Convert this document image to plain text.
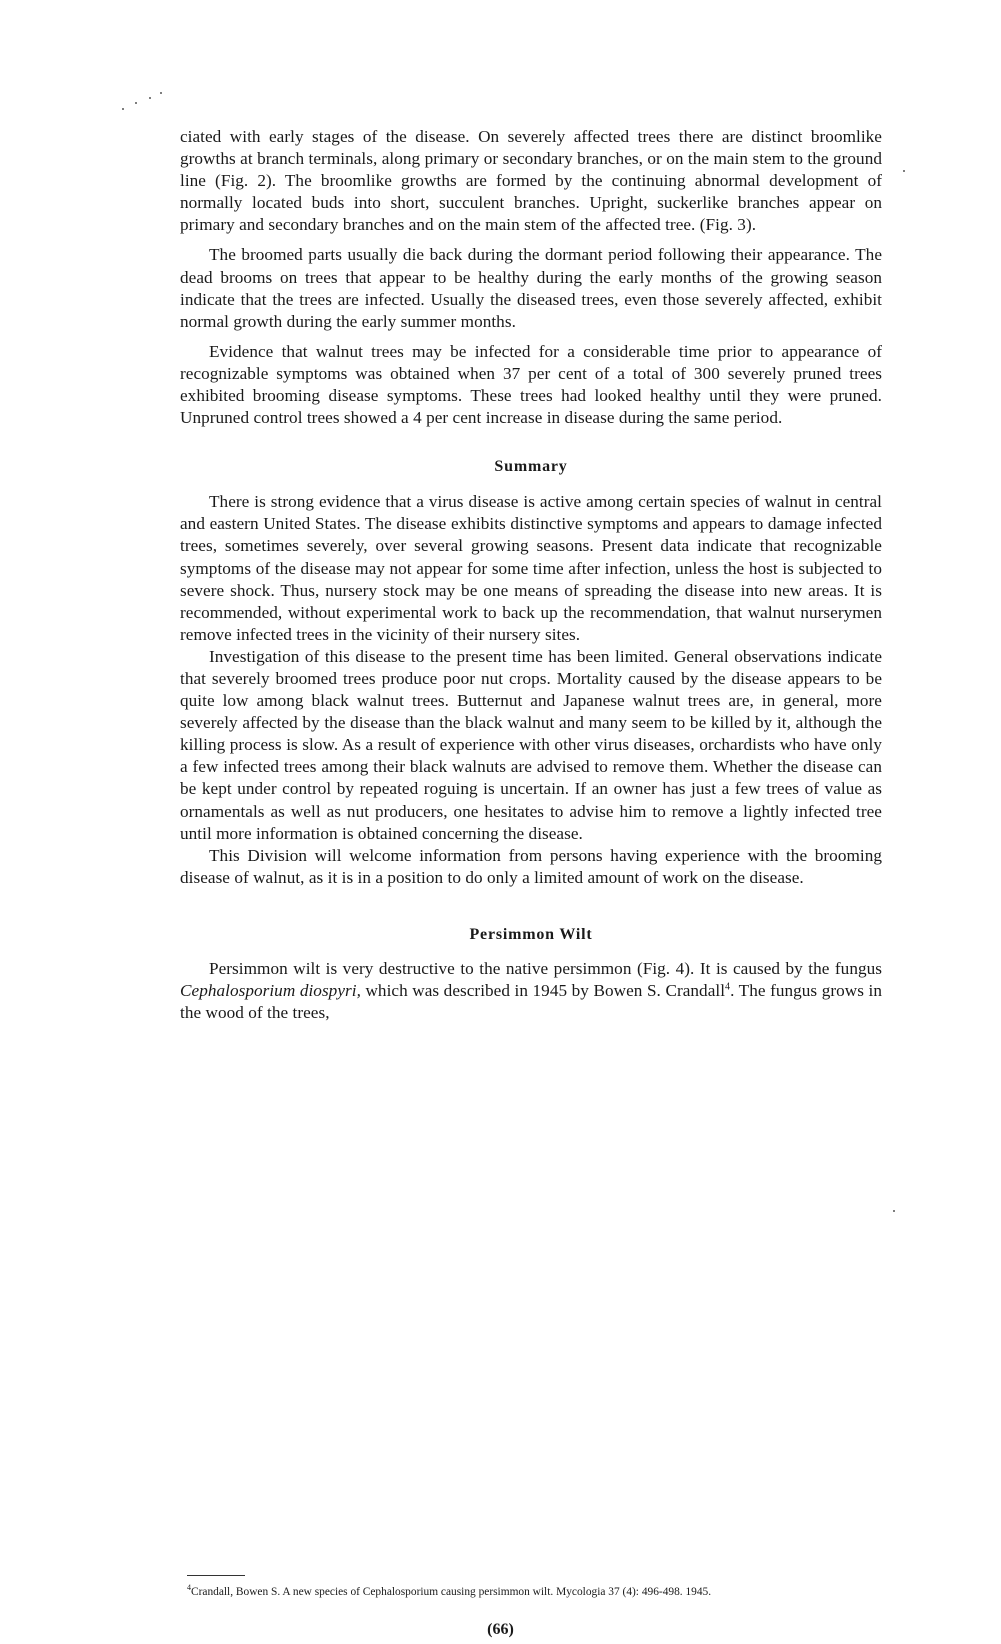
ciated with early stages of the disease. On severely affected trees there are distinct broomlike growths at branch terminals, along primary or secondary branches, or on the main stem to the ground line (Fig. 2). The broomlike growths are formed by the continuing abnormal development of normally located buds into short, succulent branches. Upright, suckerlike branches appear on primary and secondary branches and on the main stem of the affected tree. (Fig. 3).

The broomed parts usually die back during the dormant period following their appearance. The dead brooms on trees that appear to be healthy during the early months of the growing season indicate that the trees are infected. Usually the diseased trees, even those severely affected, exhibit normal growth during the early summer months.

Evidence that walnut trees may be infected for a considerable time prior to appearance of recognizable symptoms was obtained when 37 per cent of a total of 300 severely pruned trees exhibited brooming disease symptoms. These trees had looked healthy until they were pruned. Unpruned control trees showed a 4 per cent increase in disease during the same period.

Summary

There is strong evidence that a virus disease is active among certain species of walnut in central and eastern United States. The disease exhibits distinctive symptoms and appears to damage infected trees, sometimes severely, over several growing seasons. Present data indicate that recognizable symptoms of the disease may not appear for some time after infection, unless the host is subjected to severe shock. Thus, nursery stock may be one means of spreading the disease into new areas. It is recommended, without experimental work to back up the recommendation, that walnut nurserymen remove infected trees in the vicinity of their nursery sites.

Investigation of this disease to the present time has been limited. General observations indicate that severely broomed trees produce poor nut crops. Mortality caused by the disease appears to be quite low among black walnut trees. Butternut and Japanese walnut trees are, in general, more severely affected by the disease than the black walnut and many seem to be killed by it, although the killing process is slow. As a result of experience with other virus diseases, orchardists who have only a few infected trees among their black walnuts are advised to remove them. Whether the disease can be kept under control by repeated roguing is uncertain. If an owner has just a few trees of value as ornamentals as well as nut producers, one hesitates to advise him to remove a lightly infected tree until more information is obtained concerning the disease.

This Division will welcome information from persons having experience with the brooming disease of walnut, as it is in a position to do only a limited amount of work on the disease.

Persimmon Wilt

Persimmon wilt is very destructive to the native persimmon (Fig. 4). It is caused by the fungus Cephalosporium diospyri, which was described in 1945 by Bowen S. Crandall$^4$. The fungus grows in the wood of the trees,

$^4$Crandall, Bowen S. A new species of Cephalosporium causing persimmon wilt. Mycologia 37 (4): 496-498. 1945.
(66)
